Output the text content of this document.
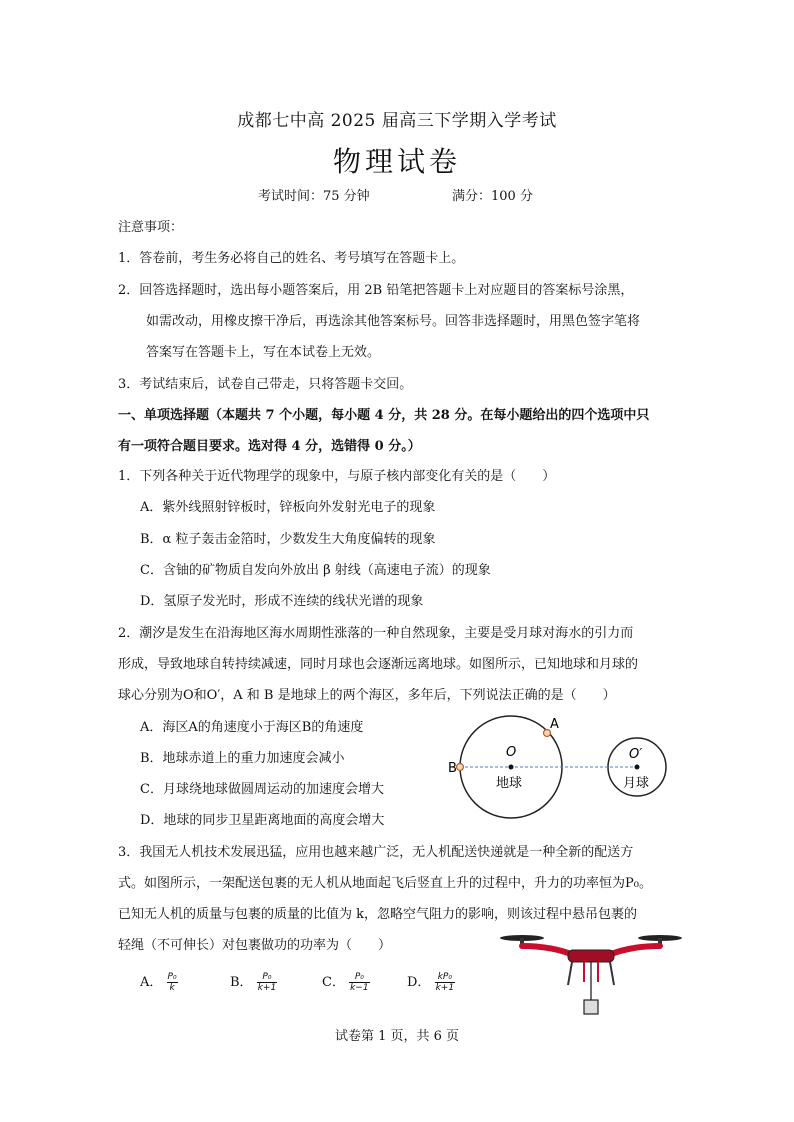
成都七中高 2025 届高三下学期入学考试
物理试卷
考试时间：75 分钟	满分：100 分
注意事项：
1．答卷前，考生务必将自己的姓名、考号填写在答题卡上。
2．回答选择题时，选出每小题答案后，用 2B 铅笔把答题卡上对应题目的答案标号涂黑，
如需改动，用橡皮擦干净后，再选涂其他答案标号。回答非选择题时，用黑色签字笔将
答案写在答题卡上，写在本试卷上无效。
3．考试结束后，试卷自己带走，只将答题卡交回。
一、单项选择题（本题共 7 个小题，每小题 4 分，共 28 分。在每小题给出的四个选项中只
有一项符合题目要求。选对得 4 分，选错得 0 分。）
1．下列各种关于近代物理学的现象中，与原子核内部变化有关的是（　　）
A．紫外线照射锌板时，锌板向外发射光电子的现象
B．α 粒子轰击金箔时，少数发生大角度偏转的现象
C．含铀的矿物质自发向外放出 β 射线（高速电子流）的现象
D．氢原子发光时，形成不连续的线状光谱的现象
2．潮汐是发生在沿海地区海水周期性涨落的一种自然现象，主要是受月球对海水的引力而
形成，导致地球自转持续减速，同时月球也会逐渐远离地球。如图所示，已知地球和月球的
球心分别为O和O′，A 和 B 是地球上的两个海区，多年后，下列说法正确的是（　　）
A．海区A的角速度小于海区B的角速度
B．地球赤道上的重力加速度会减小
C．月球绕地球做圆周运动的加速度会增大
D．地球的同步卫星距离地面的高度会增大
A
B
O	O′
地球	月球
3．我国无人机技术发展迅猛，应用也越来越广泛，无人机配送快递就是一种全新的配送方
式。如图所示，一架配送包裹的无人机从地面起飞后竖直上升的过程中，升力的功率恒为P₀。
已知无人机的质量与包裹的质量的比值为 k，忽略空气阻力的影响，则该过程中悬吊包裹的
轻绳（不可伸长）对包裹做功的功率为（　　）
A． $\frac{\text{P₀}}{k}$	B． $\frac{\text{P₀}}{k+1}$	C． $\frac{\text{P₀}}{k-1}$	D． $\frac{\text{kP₀}}{k+1}$
试卷第 1 页，共 6 页
